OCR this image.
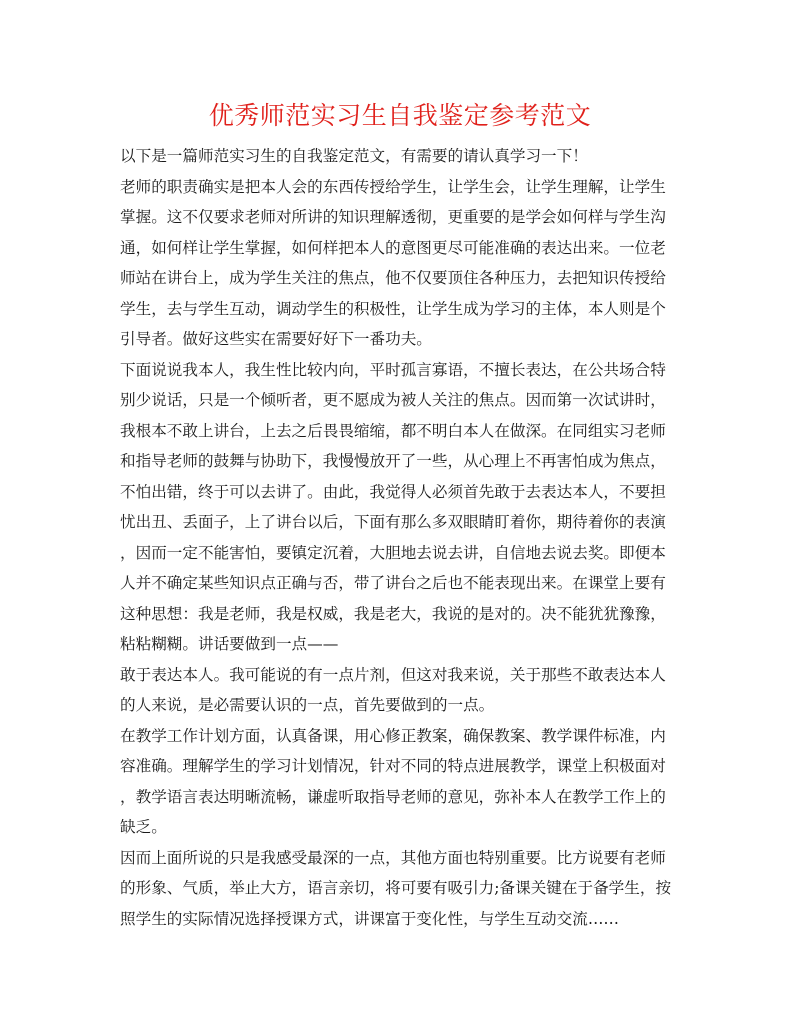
优秀师范实习生自我鉴定参考范文
以下是一篇师范实习生的自我鉴定范文，有需要的请认真学习一下！
老师的职责确实是把本人会的东西传授给学生，让学生会，让学生理解，让学生
掌握。这不仅要求老师对所讲的知识理解透彻，更重要的是学会如何样与学生沟
通，如何样让学生掌握，如何样把本人的意图更尽可能准确的表达出来。一位老
师站在讲台上，成为学生关注的焦点，他不仅要顶住各种压力，去把知识传授给
学生，去与学生互动，调动学生的积极性，让学生成为学习的主体，本人则是个
引导者。做好这些实在需要好好下一番功夫。
下面说说我本人，我生性比较内向，平时孤言寡语，不擅长表达，在公共场合特
别少说话，只是一个倾听者，更不愿成为被人关注的焦点。因而第一次试讲时，
我根本不敢上讲台，上去之后畏畏缩缩，都不明白本人在做深。在同组实习老师
和指导老师的鼓舞与协助下，我慢慢放开了一些，从心理上不再害怕成为焦点，
不怕出错，终于可以去讲了。由此，我觉得人必须首先敢于去表达本人，不要担
忧出丑、丢面子，上了讲台以后，下面有那么多双眼睛盯着你，期待着你的表演
，因而一定不能害怕，要镇定沉着，大胆地去说去讲，自信地去说去奖。即便本
人并不确定某些知识点正确与否，带了讲台之后也不能表现出来。在课堂上要有
这种思想：我是老师，我是权威，我是老大，我说的是对的。决不能犹犹豫豫，
粘粘糊糊。讲话要做到一点——
敢于表达本人。我可能说的有一点片剂，但这对我来说，关于那些不敢表达本人
的人来说，是必需要认识的一点，首先要做到的一点。
在教学工作计划方面，认真备课，用心修正教案，确保教案、教学课件标准，内
容准确。理解学生的学习计划情况，针对不同的特点进展教学，课堂上积极面对
，教学语言表达明晰流畅，谦虚听取指导老师的意见，弥补本人在教学工作上的
缺乏。
因而上面所说的只是我感受最深的一点，其他方面也特别重要。比方说要有老师
的形象、气质，举止大方，语言亲切，将可要有吸引力;备课关键在于备学生，按
照学生的实际情况选择授课方式，讲课富于变化性，与学生互动交流……
